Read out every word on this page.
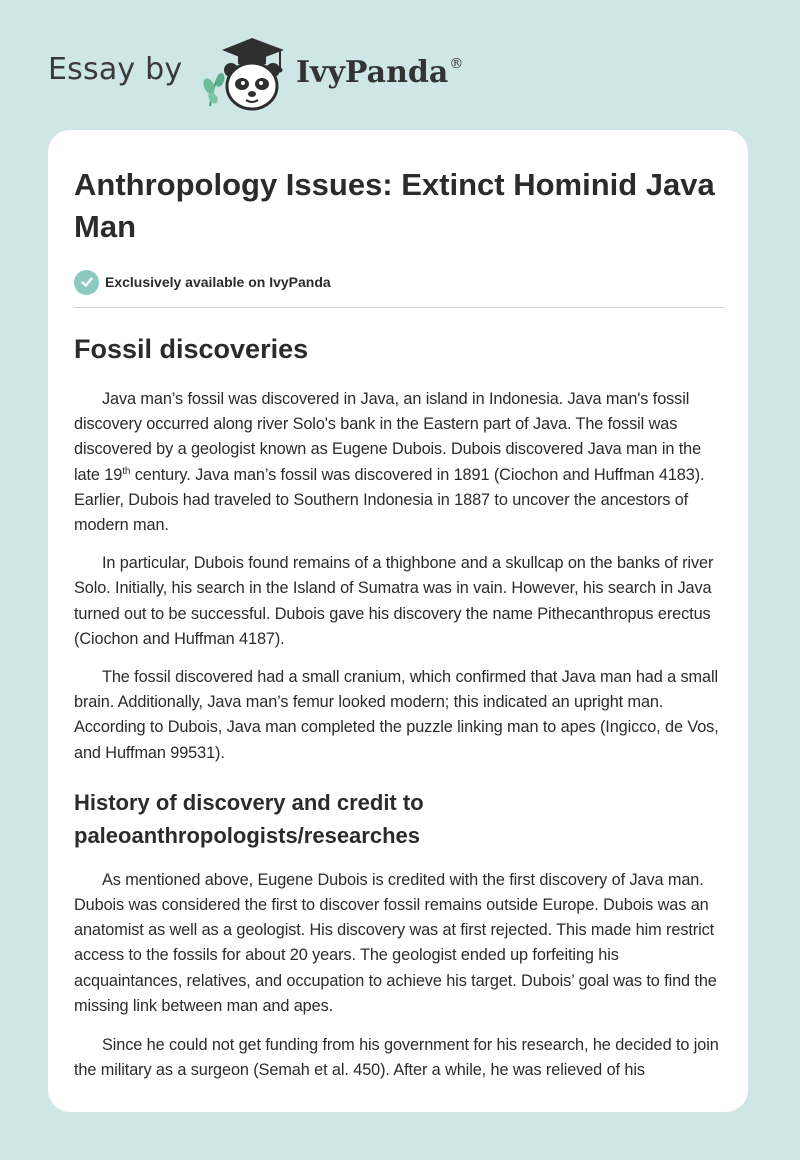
Essay by	IvyPanda®
Anthropology Issues: Extinct Hominid Java Man
Exclusively available on IvyPanda
Fossil discoveries

Java man’s fossil was discovered in Java, an island in Indonesia. Java man's fossil discovery occurred along river Solo's bank in the Eastern part of Java. The fossil was discovered by a geologist known as Eugene Dubois. Dubois discovered Java man in the late 19th century. Java man’s fossil was discovered in 1891 (Ciochon and Huffman 4183). Earlier, Dubois had traveled to Southern Indonesia in 1887 to uncover the ancestors of modern man.

In particular, Dubois found remains of a thighbone and a skullcap on the banks of river Solo. Initially, his search in the Island of Sumatra was in vain. However, his search in Java turned out to be successful. Dubois gave his discovery the name Pithecanthropus erectus (Ciochon and Huffman 4187).

The fossil discovered had a small cranium, which confirmed that Java man had a small brain. Additionally, Java man’s femur looked modern; this indicated an upright man. According to Dubois, Java man completed the puzzle linking man to apes (Ingicco, de Vos, and Huffman 99531).

History of discovery and credit to paleoanthropologists/researches

As mentioned above, Eugene Dubois is credited with the first discovery of Java man. Dubois was considered the first to discover fossil remains outside Europe. Dubois was an anatomist as well as a geologist. His discovery was at first rejected. This made him restrict access to the fossils for about 20 years. The geologist ended up forfeiting his acquaintances, relatives, and occupation to achieve his target. Dubois’ goal was to find the missing link between man and apes.

Since he could not get funding from his government for his research, he decided to join the military as a surgeon (Semah et al. 450). After a while, he was relieved of his
